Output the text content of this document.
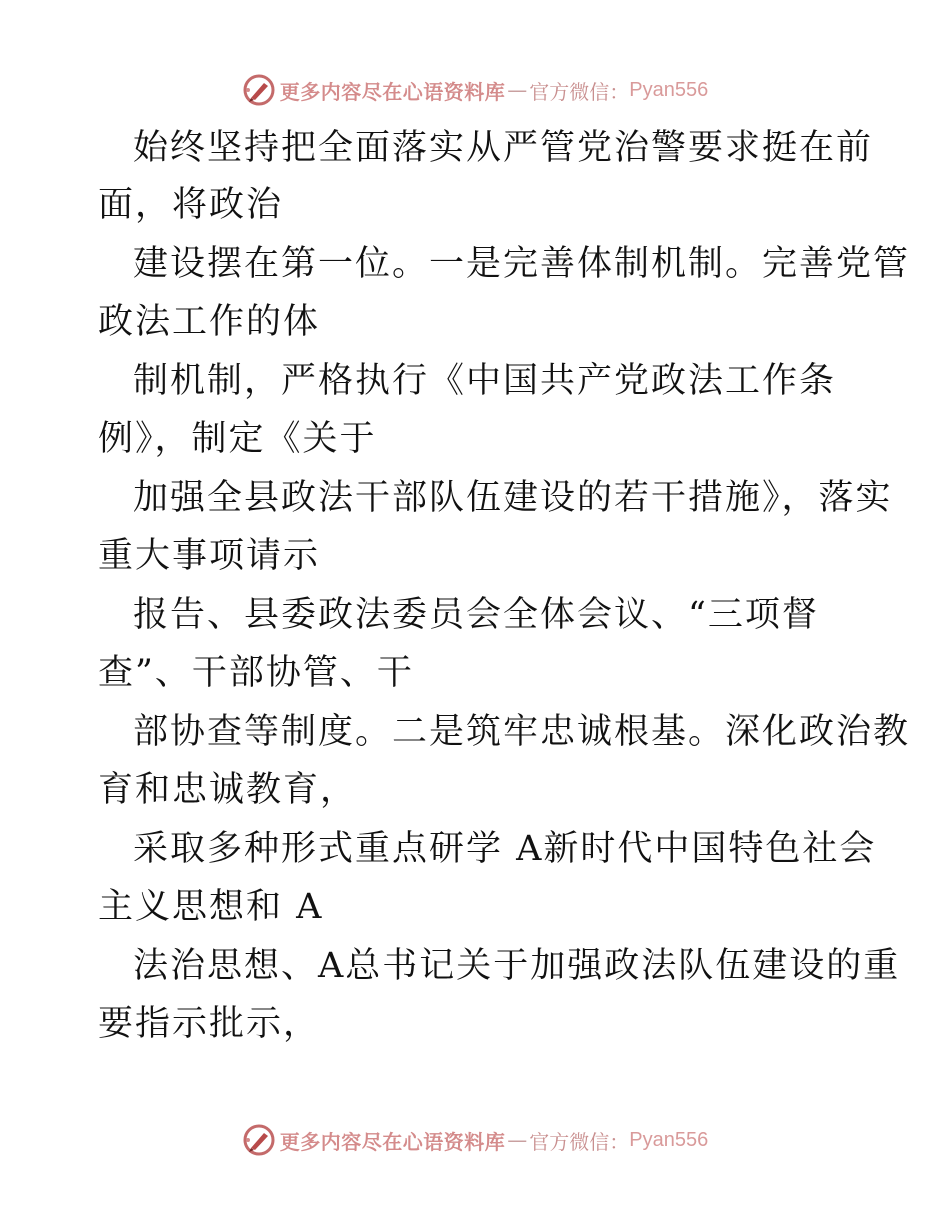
更多内容尽在心语资料库 — 官方微信： Pyan556
始终坚持把全面落实从严管党治警要求挺在前
面，将政治
建设摆在第一位。一是完善体制机制。完善党管
政法工作的体
制机制，严格执行《中国共产党政法工作条
例》，制定《关于
加强全县政法干部队伍建设的若干措施》，落实
重大事项请示
报告、县委政法委员会全体会议、“三项督
查”、干部协管、干
部协查等制度。二是筑牢忠诚根基。深化政治教
育和忠诚教育，
采取多种形式重点研学 A新时代中国特色社会
主义思想和 A
法治思想、A总书记关于加强政法队伍建设的重
要指示批示，
更多内容尽在心语资料库 — 官方微信： Pyan556
